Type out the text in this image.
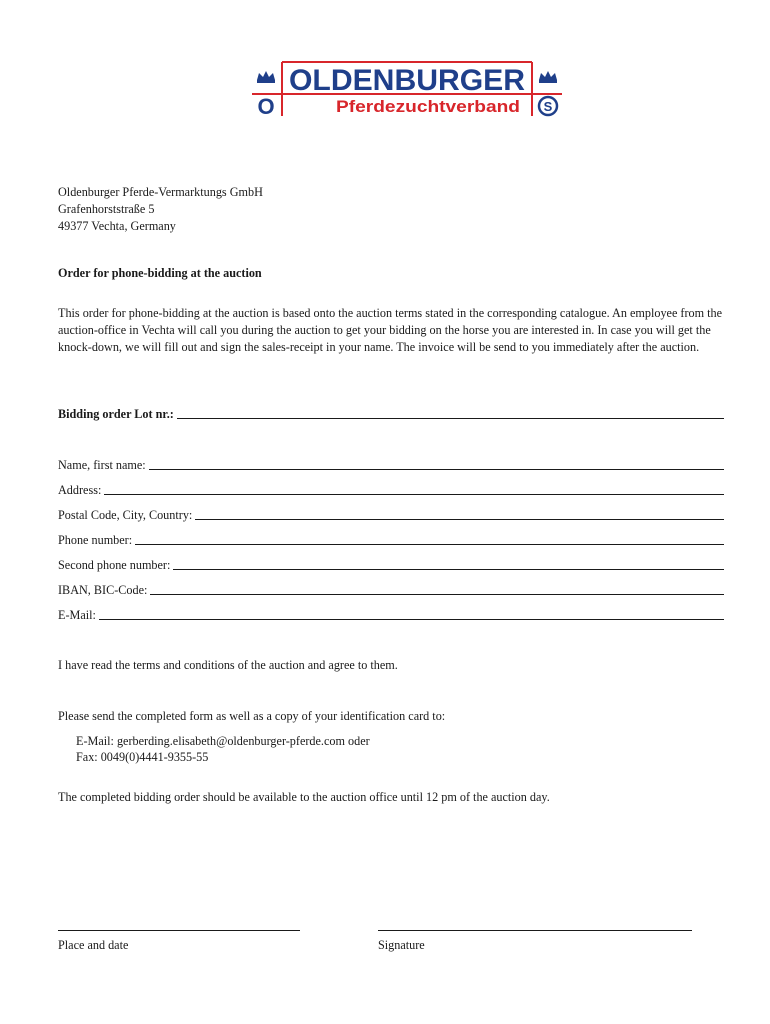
O	S
OLDENBURGER
Pferdezuchtverband
Oldenburger Pferde-Vermarktungs GmbH
Grafenhorststraße 5
49377 Vechta, Germany
Order for phone-bidding at the auction
This order for phone-bidding at the auction is based onto the auction terms stated in the corresponding catalogue. An employee from the auction-office in Vechta will call you during the auction to get your bidding on the horse you are interested in. In case you will get the knock-down, we will fill out and sign the sales-receipt in your name. The invoice will be send to you immediately after the auction.
Bidding order Lot nr.:
Name, first name:
Address:
Postal Code, City, Country:
Phone number:
Second phone number:
IBAN, BIC-Code:
E-Mail:
I have read the terms and conditions of the auction and agree to them.
Please send the completed form as well as a copy of your identification card to:
E-Mail: gerberding.elisabeth@oldenburger-pferde.com oder
Fax: 0049(0)4441-9355-55
The completed bidding order should be available to the auction office until 12 pm of the auction day.
Place and date	Signature
